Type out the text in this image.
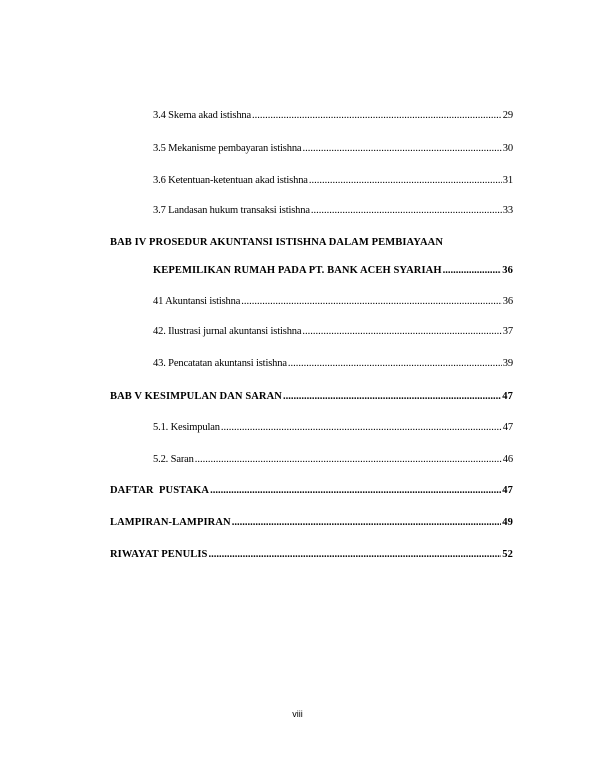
3.4 Skema akad istishna .....	29
3.5 Mekanisme pembayaran istishna .....	30
3.6 Ketentuan-ketentuan akad istishna .....	31
3.7 Landasan hukum transaksi istishna .....	33
BAB IV PROSEDUR AKUNTANSI ISTISHNA DALAM PEMBIAYAAN
KEPEMILIKAN RUMAH PADA PT. BANK ACEH SYARIAH .....	36
41 Akuntansi istishna .....	36
42. Ilustrasi jurnal akuntansi istishna .....	37
43. Pencatatan akuntansi istishna .....	39
BAB V KESIMPULAN DAN SARAN .....	47
5.1. Kesimpulan .....	47
5.2. Saran .....	46
DAFTAR  PUSTAKA .....	47
LAMPIRAN-LAMPIRAN .....	49
RIWAYAT PENULIS .....	52
viii
